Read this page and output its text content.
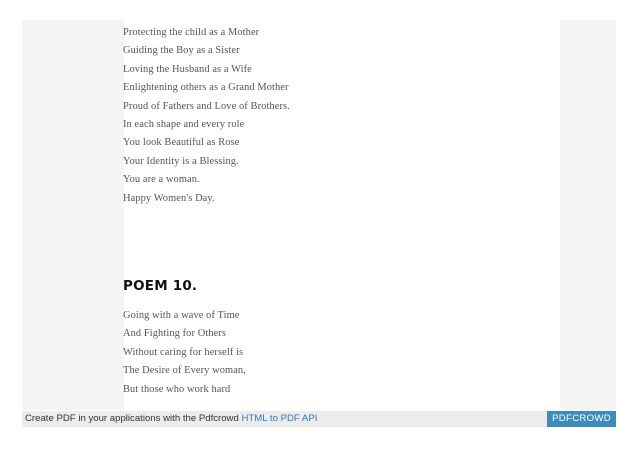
Protecting the child as a Mother
Guiding the Boy as a Sister
Loving the Husband as a Wife
Enlightening others as a Grand Mother
Proud of Fathers and Love of Brothers.
In each shape and every role
You look Beautiful as Rose
Your Identity is a Blessing.
You are a woman.
Happy Women's Day.
POEM 10.
Going with a wave of Time
And Fighting for Others
Without caring for herself is
The Desire of Every woman,
But those who work hard
Create PDF in your applications with the Pdfcrowd HTML to PDF API	PDFCROWD
